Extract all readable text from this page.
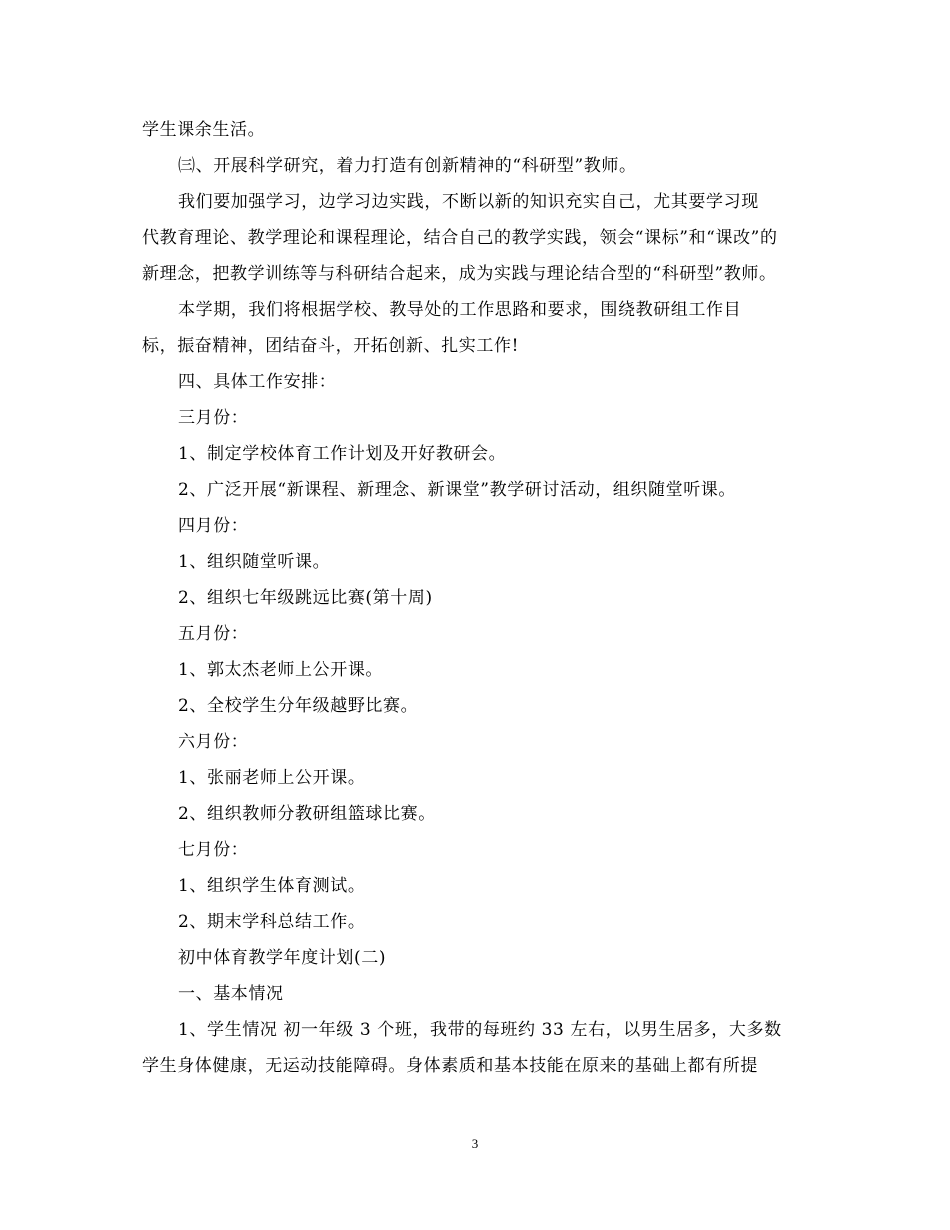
学生课余生活。
㈢、开展科学研究，着力打造有创新精神的“科研型”教师。
我们要加强学习，边学习边实践，不断以新的知识充实自己，尤其要学习现
代教育理论、教学理论和课程理论，结合自己的教学实践，领会“课标”和“课改”的
新理念，把教学训练等与科研结合起来，成为实践与理论结合型的“科研型”教师。
本学期，我们将根据学校、教导处的工作思路和要求，围绕教研组工作目
标，振奋精神，团结奋斗，开拓创新、扎实工作!
四、具体工作安排：
三月份：
1、制定学校体育工作计划及开好教研会。
2、广泛开展“新课程、新理念、新课堂”教学研讨活动，组织随堂听课。
四月份：
1、组织随堂听课。
2、组织七年级跳远比赛(第十周)
五月份：
1、郭太杰老师上公开课。
2、全校学生分年级越野比赛。
六月份：
1、张丽老师上公开课。
2、组织教师分教研组篮球比赛。
七月份：
1、组织学生体育测试。
2、期末学科总结工作。
初中体育教学年度计划(二)
一、基本情况
1、学生情况 初一年级 3 个班，我带的每班约 33 左右，以男生居多，大多数
学生身体健康，无运动技能障碍。身体素质和基本技能在原来的基础上都有所提
3
